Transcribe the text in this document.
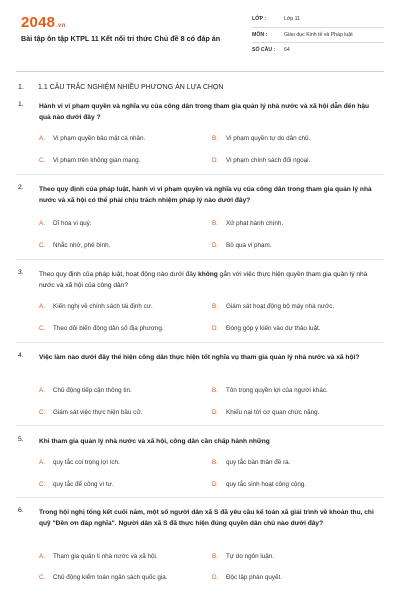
2048.vn
Bài tập ôn tập KTPL 11 Kết nối tri thức Chủ đề 8 có đáp án
LỚP :	Lớp 11
MÔN :	Giáo dục Kinh tế và Pháp luật
SỐ CÂU : 64
1. 1.1 CÂU TRẮC NGHIỆM NHIỀU PHƯƠNG ÁN LỰA CHỌN
1. Hành vi vi phạm quyền và nghĩa vụ của công dân trong tham gia quản lý nhà nước và xã hội dẫn đến hậu quả nào dưới đây ?
A. Vi phạm quyền bảo mật cá nhân.	B. Vi phạm quyền tự do dân chủ.
C. Vi phạm trên không gian mạng.	D. Vi phạm chính sách đối ngoại.
2. Theo quy định của pháp luật, hành vi vi phạm quyền và nghĩa vụ của công dân trong tham gia quản lý nhà nước và xã hội có thể phải chịu trách nhiệm pháp lý nào dưới đây?
A. Dĩ hòa vi quý.	B. Xử phạt hành chính.
C. Nhắc nhở, phê bình.	D. Bỏ qua vi phạm.
3. Theo quy định của pháp luật, hoạt động nào dưới đây không gắn với việc thực hiện quyền tham gia quản lý nhà nước và xã hội của công dân?
A. Kiến nghị về chính sách tái định cư.	B. Giám sát hoạt động bộ máy nhà nước.
C. Theo dõi biến động dân số địa phương.	D. Đóng góp ý kiến vào dự thảo luật.
4. Việc làm nào dưới đây thể hiện công dân thực hiện tốt nghĩa vụ tham gia quản lý nhà nước và xã hội?
A. Chủ động tiếp cận thông tin.	B. Tôn trọng quyền lợi của người khác.
C. Giám sát việc thực hiện bầu cử.	D. Khiếu nại tới cơ quan chức năng.
5. Khi tham gia quản lý nhà nước và xã hội, công dân cần chấp hành những
A. quy tắc coi trọng lợi ích.	B. quy tắc bàn thân đề ra.
C. quy tắc để công vì tư.	D. quy tắc sinh hoạt công cộng.
6. Trong hội nghị tổng kết cuối năm, một số người dân xã S đã yêu cầu kế toán xã giải trình về khoản thu, chi quỹ "Đền ơn đáp nghĩa". Người dân xã S đã thực hiện đúng quyền dân chủ nào dưới đây?
A. Tham gia quản lí nhà nước và xã hội.	B. Tự do ngôn luận.
C. Chủ động kiểm toán ngân sách quốc gia.	D. Độc lập phán quyết.
